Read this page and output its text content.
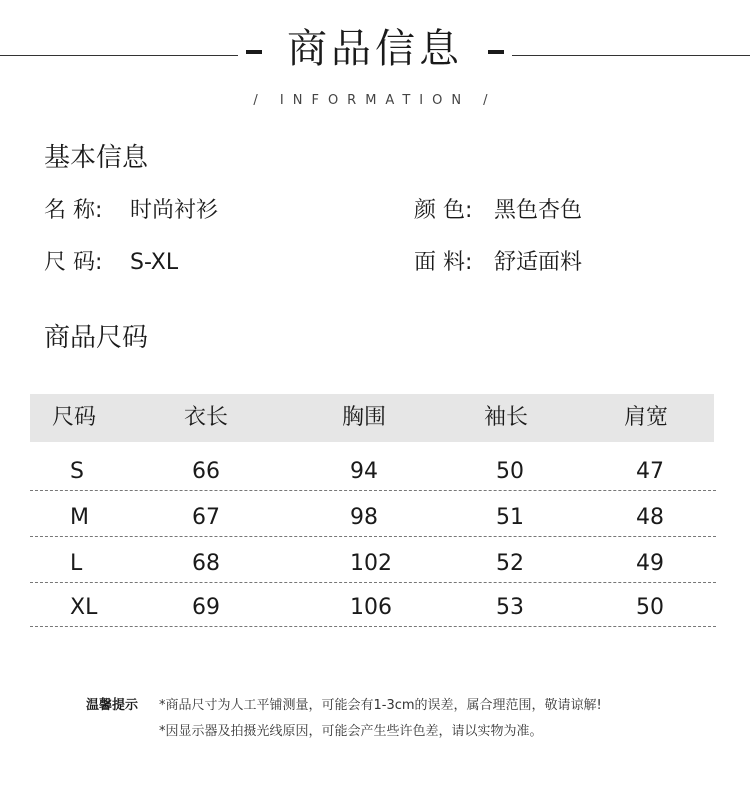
商品信息
/ INFORMATION /
基本信息
名 称: 时尚衬衫	颜 色: 黑色杏色
尺 码: S-XL	面 料: 舒适面料
商品尺码
尺码	衣长	胸围	袖长	肩宽
S	66	94	50	47
M	67	98	51	48
L	68	102	52	49
XL	69	106	53	50
温馨提示 *商品尺寸为人工平铺测量，可能会有1-3cm的误差，属合理范围，敬请谅解!
*因显示器及拍摄光线原因，可能会产生些许色差，请以实物为准。
